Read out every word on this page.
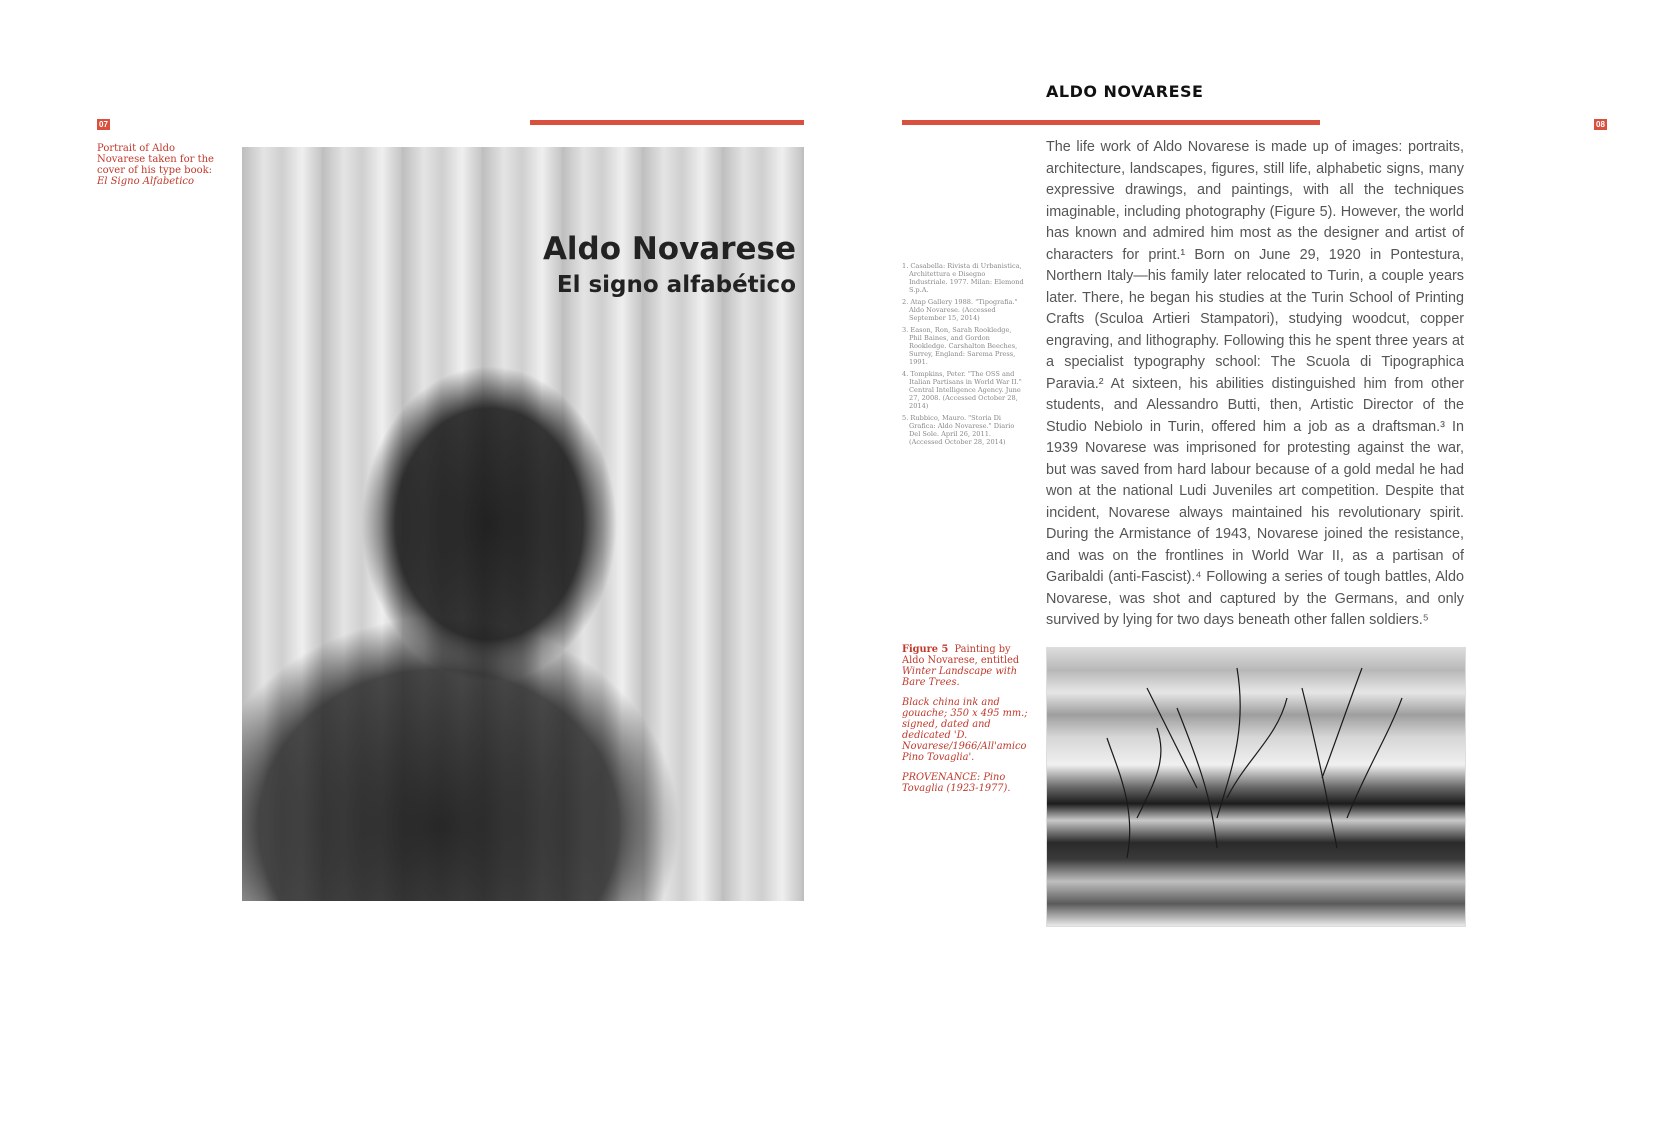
07
Portrait of Aldo Novarese taken for the cover of his type book: El Signo Alfabetico
Aldo Novarese
El signo alfabético
ALDO NOVARESE
08

The life work of Aldo Novarese is made up of images: portraits, architecture, landscapes, figures, still life, alphabetic signs, many expressive drawings, and paintings, with all the techniques imaginable, including photography (Figure 5). However, the world has known and admired him most as the designer and artist of characters for print.¹ Born on June 29, 1920 in Pontestura, Northern Italy—his family later relocated to Turin, a couple years later. There, he began his studies at the Turin School of Printing Crafts (Sculoa Artieri Stampatori), studying woodcut, copper engraving, and lithography. Following this he spent three years at a specialist typography school: The Scuola di Tipographica Paravia.² At sixteen, his abilities distinguished him from other students, and Alessandro Butti, then, Artistic Director of the Studio Nebiolo in Turin, offered him a job as a draftsman.³ In 1939 Novarese was imprisoned for protesting against the war, but was saved from hard labour because of a gold medal he had won at the national Ludi Juveniles art competition. Despite that incident, Novarese always maintained his revolutionary spirit. During the Armistance of 1943, Novarese joined the resistance, and was on the frontlines in World War II, as a partisan of Garibaldi (anti-Fascist).⁴ Following a series of tough battles, Aldo Novarese, was shot and captured by the Germans, and only survived by lying for two days beneath other fallen soldiers.⁵

1. Casabella: Rivista di Urbanistica, Architettura e Disegno Industriale. 1977. Milan: Elemond S.p.A.
2. Atap Gallery 1988. "Tipografia." Aldo Novarese. (Accessed September 15, 2014)
3. Eason, Ron, Sarah Rookledge, Phil Baines, and Gordon Rookledge. Carshalton Beeches, Surrey, England: Sarema Press, 1991.
4. Tompkins, Peter. "The OSS and Italian Partisans in World War II." Central Intelligence Agency. June 27, 2008. (Accessed October 28, 2014)
5. Rubbico, Mauro. "Storia Di Grafica: Aldo Novarese." Diario Del Sole. April 26, 2011. (Accessed October 28, 2014)

Figure 5 Painting by Aldo Novarese, entitled Winter Landscape with Bare Trees.

Black china ink and gouache; 350 x 495 mm.; signed, dated and dedicated 'D. Novarese/1966/All'amico Pino Tovaglia'.

PROVENANCE: Pino Tovaglia (1923-1977).
